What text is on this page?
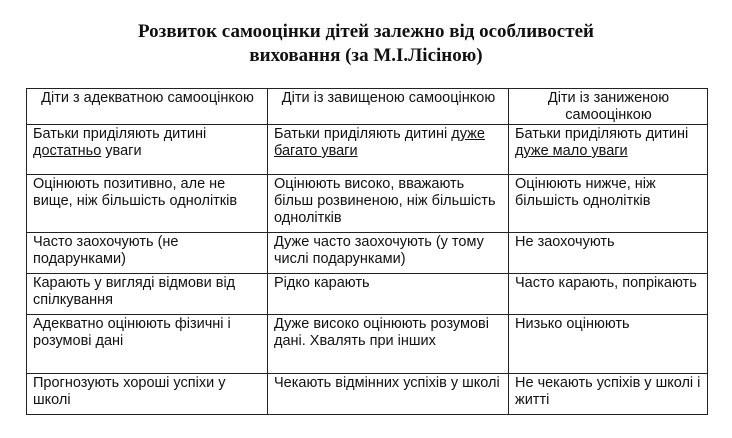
Розвиток самооцінки дітей залежно від особливостей
виховання (за М.І.Лісіною)
Діти з адекватною самооцінкою	Діти із завищеною самооцінкою	Діти із заниженою самооцінкою
Батьки приділяють дитині достатньо уваги	Батьки приділяють дитині дуже багато уваги	Батьки приділяють дитині дуже мало уваги
Оцінюють позитивно, але не вище, ніж більшість однолітків	Оцінюють високо, вважають більш розвиненою, ніж більшість однолітків	Оцінюють нижче, ніж більшість однолітків
Часто заохочують (не подарунками)	Дуже часто заохочують (у тому числі подарунками)	Не заохочують
Карають у вигляді відмови від спілкування	Рідко карають	Часто карають, попрікають
Адекватно оцінюють фізичні і розумові дані	Дуже високо оцінюють розумові дані. Хвалять при інших	Низько оцінюють
Прогнозують хороші успіхи у школі	Чекають відмінних успіхів у школі	Не чекають успіхів у школі і житті
